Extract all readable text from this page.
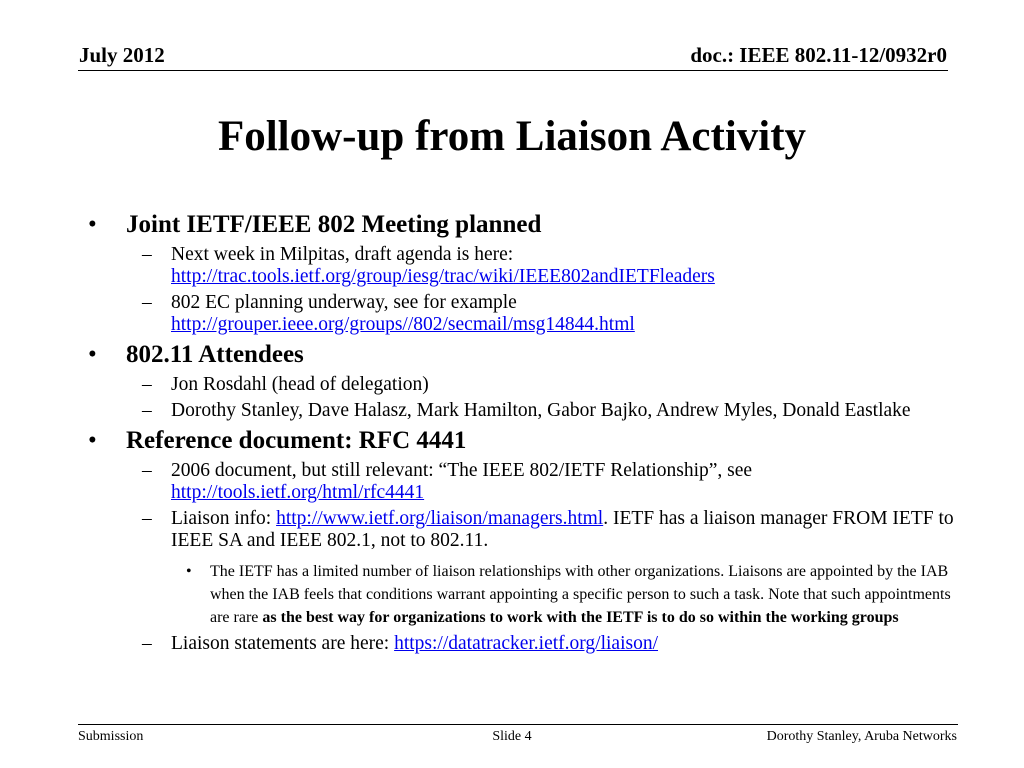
July 2012	doc.: IEEE 802.11-12/0932r0
Follow-up from Liaison Activity
• Joint IETF/IEEE 802 Meeting planned
– Next week in Milpitas, draft agenda is here:
http://trac.tools.ietf.org/group/iesg/trac/wiki/IEEE802andIETFleaders
– 802 EC planning underway, see for example
http://grouper.ieee.org/groups//802/secmail/msg14844.html
• 802.11 Attendees
– Jon Rosdahl (head of delegation)
– Dorothy Stanley, Dave Halasz, Mark Hamilton, Gabor Bajko, Andrew Myles, Donald Eastlake
• Reference document: RFC 4441
– 2006 document, but still relevant: “The IEEE 802/IETF Relationship”, see
http://tools.ietf.org/html/rfc4441
– Liaison info: http://www.ietf.org/liaison/managers.html. IETF has a liaison manager FROM IETF to IEEE SA and IEEE 802.1, not to 802.11.
• The IETF has a limited number of liaison relationships with other organizations. Liaisons are appointed by the IAB when the IAB feels that conditions warrant appointing a specific person to such a task. Note that such appointments are rare as the best way for organizations to work with the IETF is to do so within the working groups
– Liaison statements are here: https://datatracker.ietf.org/liaison/
Submission	Slide 4	Dorothy Stanley, Aruba Networks
